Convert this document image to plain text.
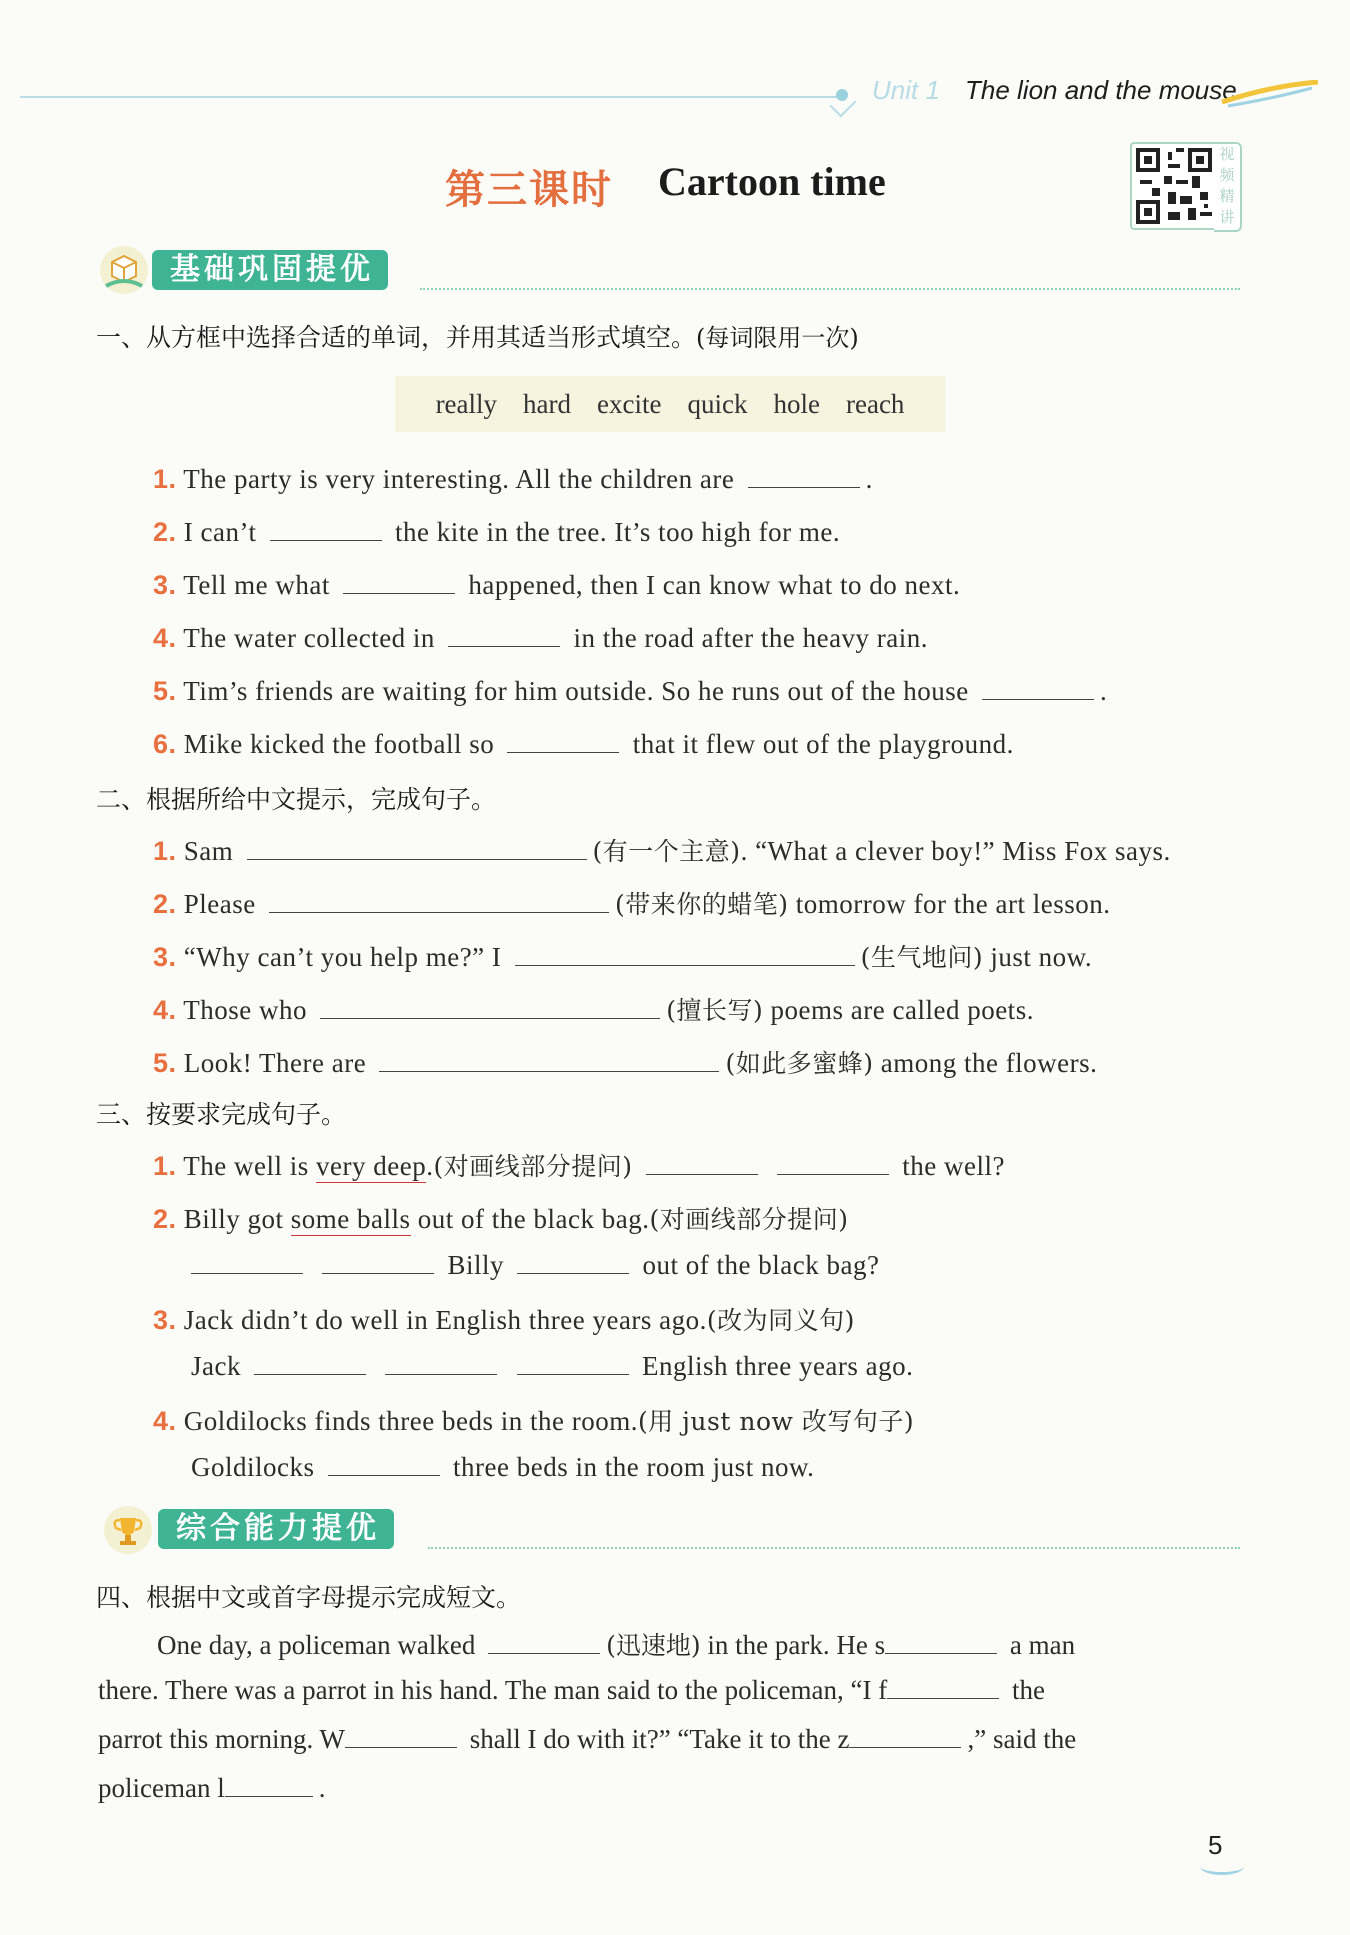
Unit 1 The lion and the mouse
第三课时 Cartoon time
视
频
精
讲
基础巩固提优
一、从方框中选择合适的单词，并用其适当形式填空。(每词限用一次)
really hard excite quick hole reach
1. The party is very interesting. All the children are	.
2. I can’t	the kite in the tree. It’s too high for me.
3. Tell me what	happened, then I can know what to do next.
4. The water collected in	in the road after the heavy rain.
5. Tim’s friends are waiting for him outside. So he runs out of the house	.
6. Mike kicked the football so	that it flew out of the playground.
二、根据所给中文提示，完成句子。
1. Sam	(有一个主意). “What a clever boy!” Miss Fox says.
2. Please	(带来你的蜡笔) tomorrow for the art lesson.
3. “Why can’t you help me?” I	(生气地问) just now.
4. Those who	(擅长写) poems are called poets.
5. Look! There are	(如此多蜜蜂) among the flowers.
三、按要求完成句子。
1. The well is very deep.(对画线部分提问)	the well?
2. Billy got some balls out of the black bag.(对画线部分提问)
Billy	out of the black bag?
3. Jack didn’t do well in English three years ago.(改为同义句)
Jack	English three years ago.
4. Goldilocks finds three beds in the room.(用 just now 改写句子)
Goldilocks	three beds in the room just now.
综合能力提优
四、根据中文或首字母提示完成短文。
One day, a policeman walked	(迅速地) in the park. He s	a man
there. There was a parrot in his hand. The man said to the policeman, “I f	the
parrot this morning. W	shall I do with it?” “Take it to the z	,” said the
policeman l	.
5
